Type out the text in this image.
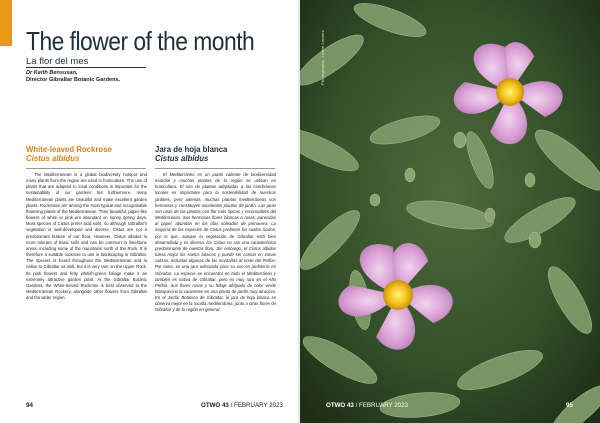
The flower of the month
La flor del mes
Dr Keith Bensusan,
Director Gibraltar Botanic Gardens.
White-leaved Rockrose
Cistus albidus

The Mediterranean is a global biodiversity hotspot and many plants from the region are used in horticulture. The use of plants that are adapted to local conditions is important for the sustainability of our gardens but furthermore, many Mediterranean plants are beautiful and make excellent garden plants. Rockroses are among the most typical and recognisable flowering plants of the Mediterranean. Their beautiful, paper-like flowers of white or pink are abundant on sunny spring days. Most species of Cistus prefer acid soils, so although Gibraltar's vegetation is well-developed and diverse, Cistus are not a predominant feature of our flora. However, Cistus albidus is more tolerant of basic soils and can be common in limestone areas, including some of the mountains north of the Rock. It is therefore a suitable rockrose to use in landscaping in Gibraltar. The species is found throughout the Mediterranean and is native to Gibraltar as well, but it is very rare on the Upper Rock. Its pink flowers and felty whitish-green foliage make it an extremely attractive garden plant. At the Gibraltar Botanic Gardens, the White-leaved Rockrose is best observed in the Mediterranean Rockery, alongside other flowers from Gibraltar and the wider region.

Jara de hoja blanca
Cistus albidus

El Mediterráneo es un punto caliente de biodiversidad mundial y muchas plantas de la región se utilizan en horticultura. El uso de plantas adaptadas a las condiciones locales es importante para la sostenibilidad de nuestros jardines, pero además, muchas plantas mediterráneas son hermosas y constituyen excelentes plantas de jardín. Las jaras son unas de las plantas con flor más típicas y reconocibles del Mediterráneo. Sus hermosas flores blancas o rosas, parecidas al papel, abundan en los días soleados de primavera. La mayoría de las especies de Cistus prefieren los suelos ácidos, por lo que, aunque la vegetación de Gibraltar está bien desarrollada y es diversa, los Cistus no son una característica predominante de nuestra flora. Sin embargo, el Cistus albidus tolera mejor los suelos básicos y puede ser común en zonas calizas, incluidas algunas de las montañas al norte del Peñón. Por tanto, es una jara adecuada para su uso en jardinería en Gibraltar. La especie se encuentra en todo el Mediterráneo y también es nativa de Gibraltar, pero es muy rara en el Alto Peñón. Sus flores rosas y su follaje afelpado de color verde blanquecino la convierten en una planta de jardín muy atractiva. En el Jardín Botánico de Gibraltar, la jara de hoja blanca se observa mejor en la rocalla mediterránea, junto a otras flores de Gibraltar y de la región en general.

94	OTWO 43 / FEBRUARY 2023
Photography: Leslie Linares
OTWO 43 / FEBRUARY 2023	95
